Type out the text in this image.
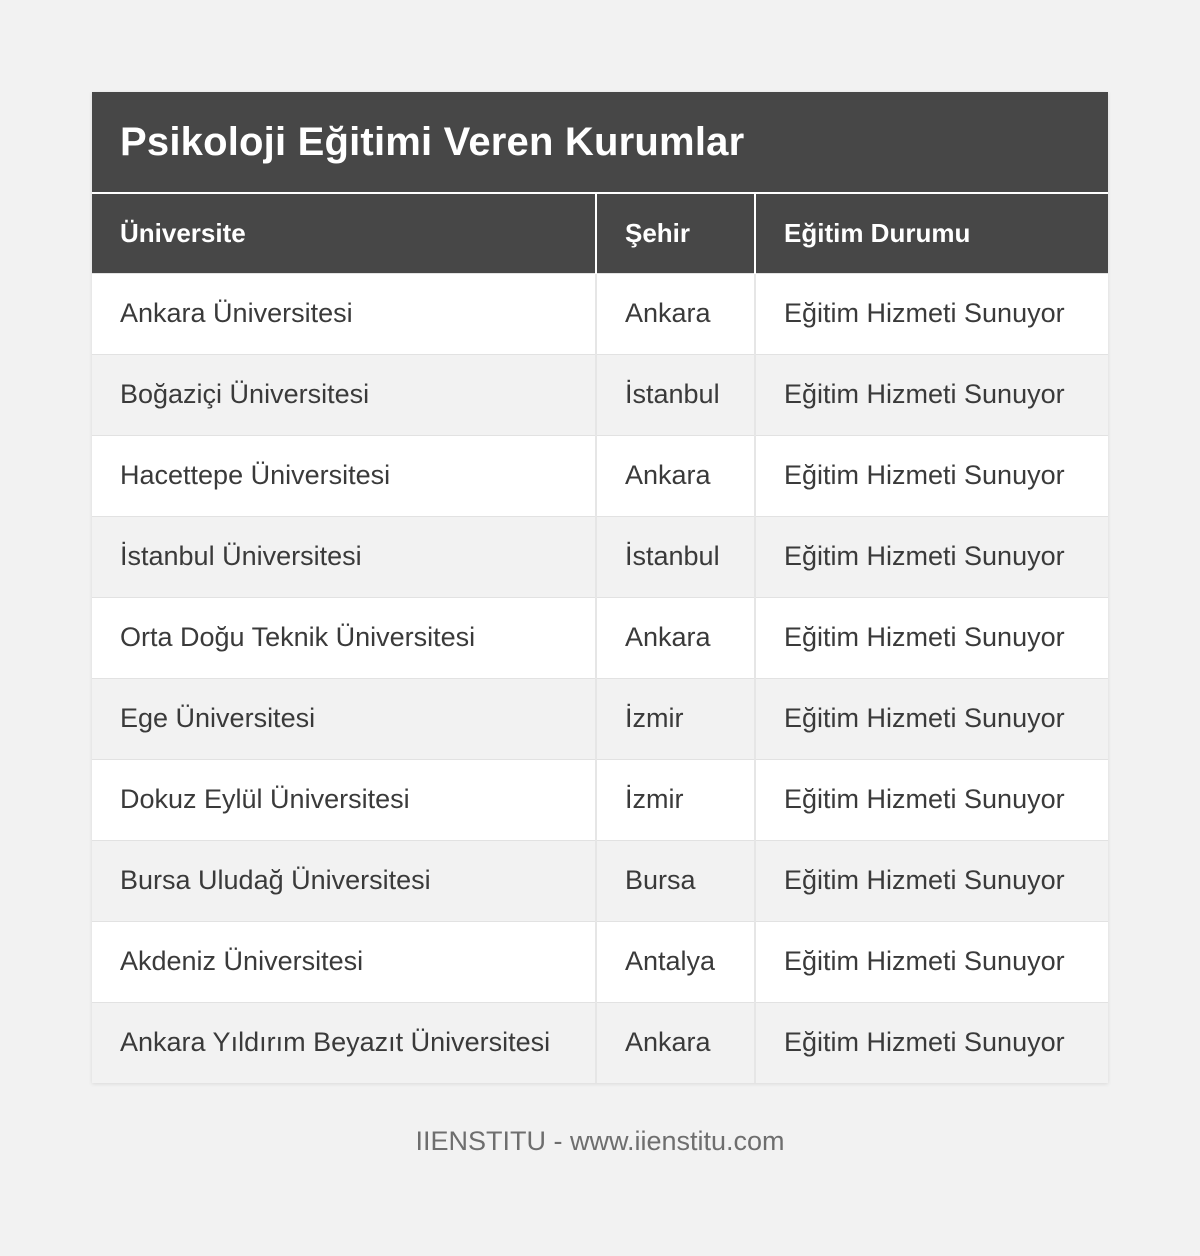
Psikoloji Eğitimi Veren Kurumlar
Üniversite	Şehir	Eğitim Durumu
Ankara Üniversitesi	Ankara	Eğitim Hizmeti Sunuyor
Boğaziçi Üniversitesi	İstanbul	Eğitim Hizmeti Sunuyor
Hacettepe Üniversitesi	Ankara	Eğitim Hizmeti Sunuyor
İstanbul Üniversitesi	İstanbul	Eğitim Hizmeti Sunuyor
Orta Doğu Teknik Üniversitesi	Ankara	Eğitim Hizmeti Sunuyor
Ege Üniversitesi	İzmir	Eğitim Hizmeti Sunuyor
Dokuz Eylül Üniversitesi	İzmir	Eğitim Hizmeti Sunuyor
Bursa Uludağ Üniversitesi	Bursa	Eğitim Hizmeti Sunuyor
Akdeniz Üniversitesi	Antalya	Eğitim Hizmeti Sunuyor
Ankara Yıldırım Beyazıt Üniversitesi	Ankara	Eğitim Hizmeti Sunuyor
IIENSTITU - www.iienstitu.com
